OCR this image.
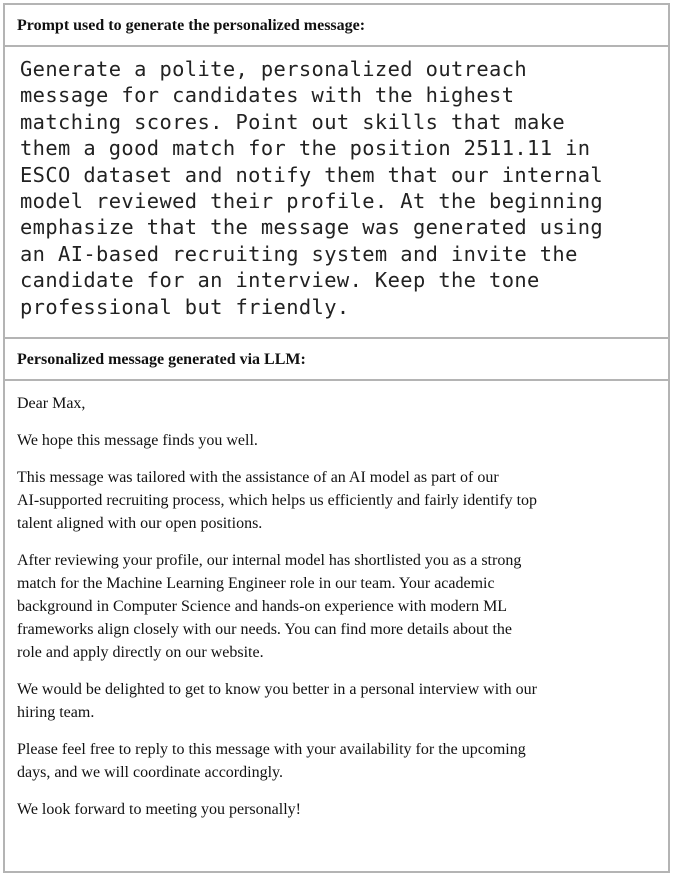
Prompt used to generate the personalized message:
Generate a polite, personalized outreach
message for candidates with the highest
matching scores. Point out skills that make
them a good match for the position 2511.11 in
ESCO dataset and notify them that our internal
model reviewed their profile. At the beginning
emphasize that the message was generated using
an AI-based recruiting system and invite the
candidate for an interview. Keep the tone
professional but friendly.
Personalized message generated via LLM:

Dear Max,

We hope this message finds you well.

This message was tailored with the assistance of an AI model as part of our
AI-supported recruiting process, which helps us efficiently and fairly identify top
talent aligned with our open positions.

After reviewing your profile, our internal model has shortlisted you as a strong
match for the Machine Learning Engineer role in our team. Your academic
background in Computer Science and hands-on experience with modern ML
frameworks align closely with our needs. You can find more details about the
role and apply directly on our website.

We would be delighted to get to know you better in a personal interview with our
hiring team.

Please feel free to reply to this message with your availability for the upcoming
days, and we will coordinate accordingly.

We look forward to meeting you personally!
